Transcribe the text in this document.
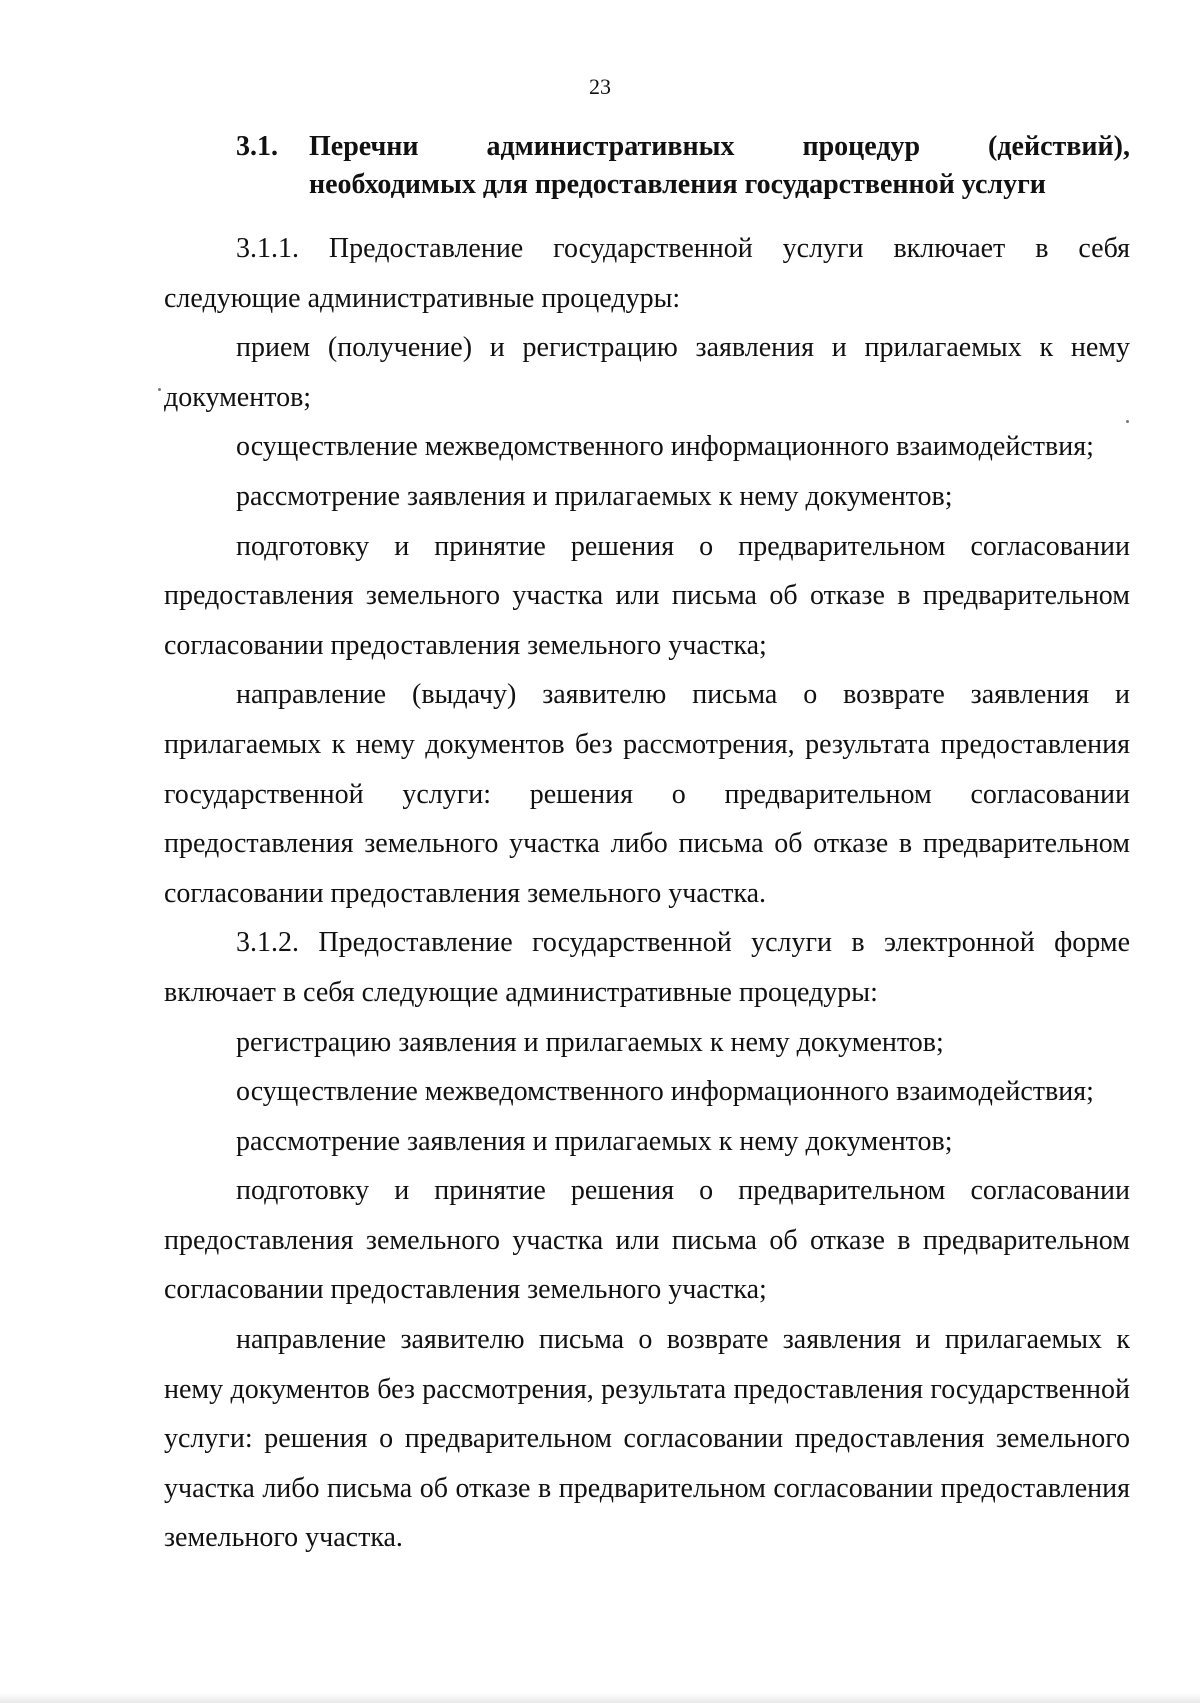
23
3.1. Перечни административных процедур (действий),
необходимых для предоставления государственной услуги

3.1.1. Предоставление государственной услуги включает в себя следующие административные процедуры:

прием (получение) и регистрацию заявления и прилагаемых к нему документов;

осуществление межведомственного информационного взаимодействия;

рассмотрение заявления и прилагаемых к нему документов;

подготовку и принятие решения о предварительном согласовании предоставления земельного участка или письма об отказе в предварительном согласовании предоставления земельного участка;

направление (выдачу) заявителю письма о возврате заявления и прилагаемых к нему документов без рассмотрения, результата предоставления государственной услуги: решения о предварительном согласовании предоставления земельного участка либо письма об отказе в предварительном согласовании предоставления земельного участка.

3.1.2. Предоставление государственной услуги в электронной форме включает в себя следующие административные процедуры:

регистрацию заявления и прилагаемых к нему документов;

осуществление межведомственного информационного взаимодействия;

рассмотрение заявления и прилагаемых к нему документов;

подготовку и принятие решения о предварительном согласовании предоставления земельного участка или письма об отказе в предварительном согласовании предоставления земельного участка;

направление заявителю письма о возврате заявления и прилагаемых к нему документов без рассмотрения, результата предоставления государственной услуги: решения о предварительном согласовании предоставления земельного участка либо письма об отказе в предварительном согласовании предоставления земельного участка.
